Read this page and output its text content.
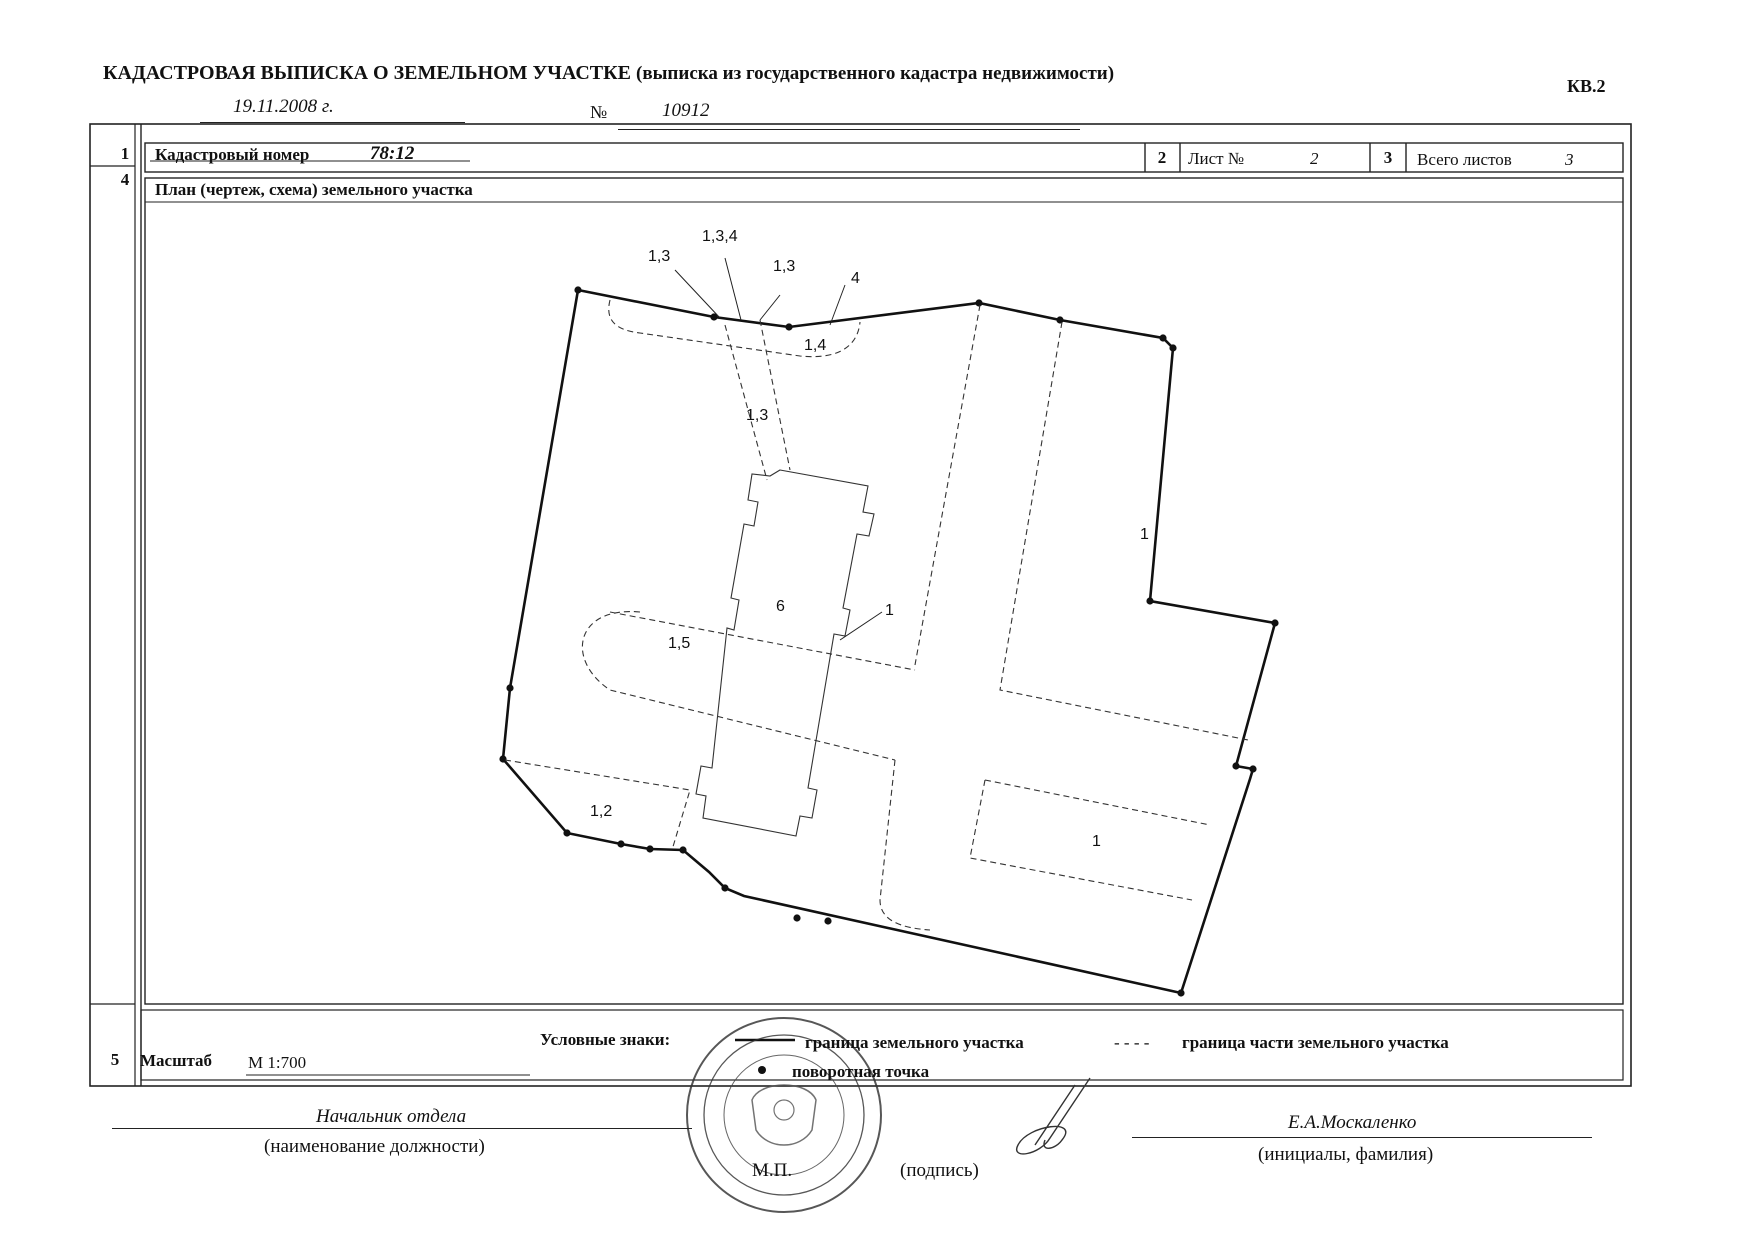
КАДАСТРОВАЯ ВЫПИСКА О ЗЕМЕЛЬНОМ УЧАСТКЕ (выписка из государственного кадастра недвижимости)
КВ.2
19.11.2008 г.	№	10912
1	Кадастровый номер	78:12	2	Лист №	2	3	Всего листов	3
4
План (чертеж, схема) земельного участка
1,3
1,3,4
1,3
4
1,4
1,3
1
6	1
1,5
1,2
1
5	Масштаб М 1:700
Условные знаки:	граница земельного участка	- - - - граница части земельного участка
поворотная точка
Начальник отдела
(наименование должности)
М.П.	(подпись)
Е.А.Москаленко
(инициалы, фамилия)
